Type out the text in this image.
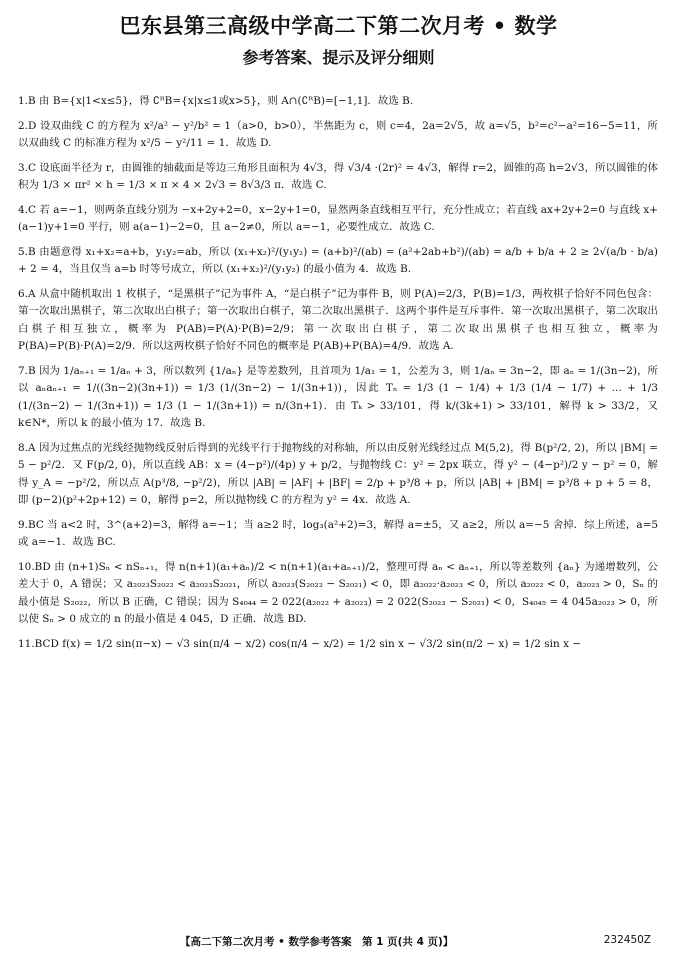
巴东县第三高级中学高二下第二次月考 • 数学
参考答案、提示及评分细则
1.B 由 B={x|1<x≤5}，得 ∁ᴿB={x|x≤1或x>5}，则 A∩(∁ᴿB)=[−1,1]．故选 B.
2.D 设双曲线 C 的方程为 x²/a² − y²/b² = 1（a>0，b>0），半焦距为 c，则 c=4，2a=2√5，故 a=√5，b²=c²−a²=16−5=11，所以双曲线 C 的标准方程为 x²/5 − y²/11 = 1．故选 D.
3.C 设底面半径为 r，由圆锥的轴截面是等边三角形且面积为 4√3，得 √3/4 ·(2r)² = 4√3，解得 r=2，圆锥的高 h=2√3，所以圆锥的体积为 1/3 × πr² × h = 1/3 × π × 4 × 2√3 = 8√3/3 π．故选 C.
4.C 若 a=−1，则两条直线分别为 −x+2y+2=0，x−2y+1=0，显然两条直线相互平行，充分性成立；若直线 ax+2y+2=0 与直线 x+(a−1)y+1=0 平行，则 a(a−1)−2=0，且 a−2≠0，所以 a=−1，必要性成立．故选 C.
5.B 由题意得 x₁+x₂=a+b，y₁y₂=ab，所以 (x₁+x₂)²/(y₁y₂) = (a+b)²/(ab) = (a²+2ab+b²)/(ab) = a/b + b/a + 2 ≥ 2√(a/b · b/a) + 2 = 4，当且仅当 a=b 时等号成立，所以 (x₁+x₂)²/(y₁y₂) 的最小值为 4．故选 B.
6.A 从盒中随机取出 1 枚棋子，“是黑棋子”记为事件 A，“是白棋子”记为事件 B，则 P(A)=2/3，P(B)=1/3，两枚棋子恰好不同色包含：第一次取出黑棋子，第二次取出白棋子；第一次取出白棋子，第二次取出黑棋子．这两个事件是互斥事件．第一次取出黑棋子，第二次取出白棋子相互独立，概率为 P(AB)=P(A)·P(B)=2/9；第一次取出白棋子，第二次取出黑棋子也相互独立，概率为 P(BA)=P(B)·P(A)=2/9．所以这两枚棋子恰好不同色的概率是 P(AB)+P(BA)=4/9．故选 A.
7.B 因为 1/aₙ₊₁ = 1/aₙ + 3，所以数列 {1/aₙ} 是等差数列，且首项为 1/a₁ = 1，公差为 3，则 1/aₙ = 3n−2，即 aₙ = 1/(3n−2)，所以 aₙaₙ₊₁ = 1/((3n−2)(3n+1)) = 1/3 (1/(3n−2) − 1/(3n+1))，因此 Tₙ = 1/3 (1 − 1/4) + 1/3 (1/4 − 1/7) + … + 1/3 (1/(3n−2) − 1/(3n+1)) = 1/3 (1 − 1/(3n+1)) = n/(3n+1)．由 Tₖ > 33/101，得 k/(3k+1) > 33/101，解得 k > 33/2，又 k∈N*，所以 k 的最小值为 17．故选 B.
8.A 因为过焦点的光线经抛物线反射后得到的光线平行于抛物线的对称轴，所以由反射光线经过点 M(5,2)，得 B(p²/2, 2)，所以 |BM| = 5 − p²/2．又 F(p/2, 0)，所以直线 AB：x = (4−p²)/(4p) y + p/2，与抛物线 C：y² = 2px 联立，得 y² − (4−p²)/2 y − p² = 0，解得 y_A = −p²/2，所以点 A(p³/8, −p²/2)，所以 |AB| = |AF| + |BF| = 2/p + p³/8 + p，所以 |AB| + |BM| = p³/8 + p + 5 = 8，即 (p−2)(p²+2p+12) = 0，解得 p=2，所以抛物线 C 的方程为 y² = 4x．故选 A.
9.BC 当 a<2 时，3^(a+2)=3，解得 a=−1；当 a≥2 时，log₃(a²+2)=3，解得 a=±5，又 a≥2，所以 a=−5 舍掉．综上所述，a=5 或 a=−1．故选 BC.
10.BD 由 (n+1)Sₙ < nSₙ₊₁，得 n(n+1)(a₁+aₙ)/2 < n(n+1)(a₁+aₙ₊₁)/2，整理可得 aₙ < aₙ₊₁，所以等差数列 {aₙ} 为递增数列，公差大于 0，A 错误；又 a₂₀₂₃S₂₀₂₂ < a₂₀₂₃S₂₀₂₁，所以 a₂₀₂₃(S₂₀₂₂ − S₂₀₂₁) < 0，即 a₂₀₂₂·a₂₀₂₃ < 0，所以 a₂₀₂₂ < 0，a₂₀₂₃ > 0，Sₙ 的最小值是 S₂₀₂₂，所以 B 正确，C 错误；因为 S₄₀₄₄ = 2 022(a₂₀₂₂ + a₂₀₂₃) = 2 022(S₂₀₂₃ − S₂₀₂₁) < 0，S₄₀₄₅ = 4 045a₂₀₂₃ > 0，所以使 Sₙ > 0 成立的 n 的最小值是 4 045，D 正确．故选 BD.
11.BCD f(x) = 1/2 sin(π−x) − √3 sin(π/4 − x/2) cos(π/4 − x/2) = 1/2 sin x − √3/2 sin(π/2 − x) = 1/2 sin x −
【高二下第二次月考 • 数学参考答案　第 1 页(共 4 页)】	232450Z
